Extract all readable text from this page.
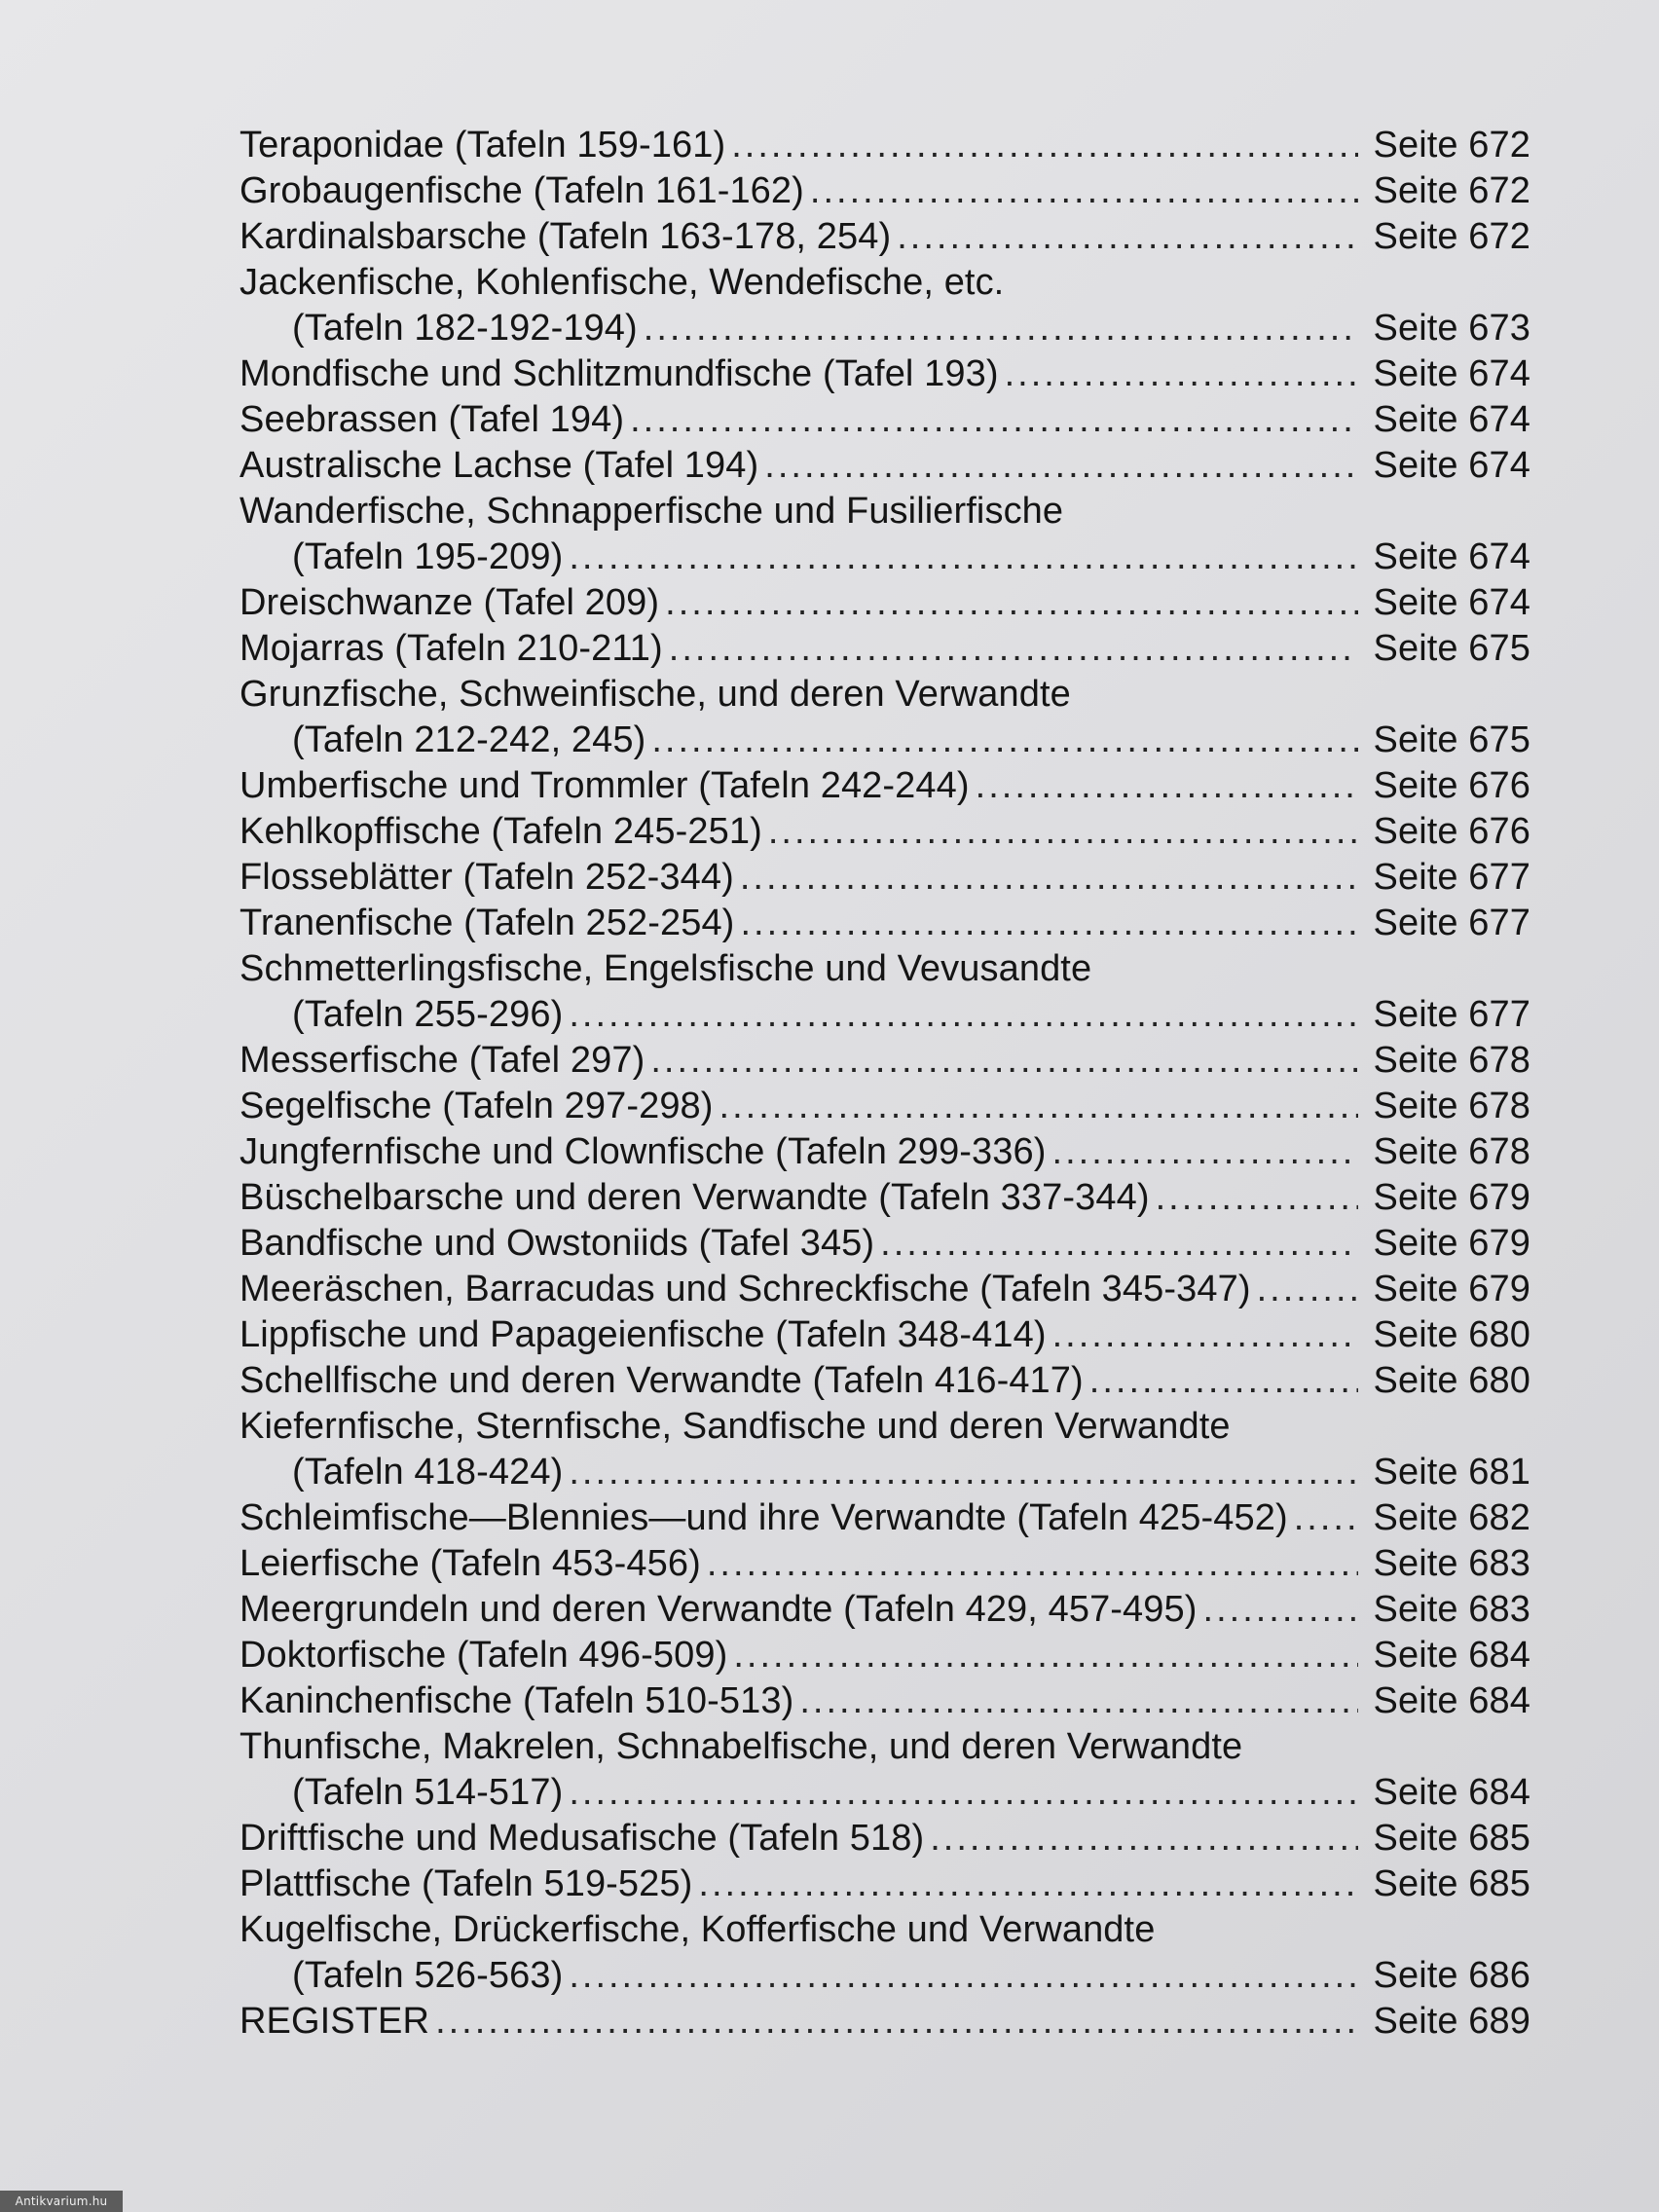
Teraponidae (Tafeln 159-161) .....	Seite 672
Grobaugenfische (Tafeln 161-162) .....	Seite 672
Kardinalsbarsche (Tafeln 163-178, 254) .....	Seite 672
Jackenfische, Kohlenfische, Wendefische, etc.
(Tafeln 182-192-194) .....	Seite 673
Mondfische und Schlitzmundfische (Tafel 193) .....	Seite 674
Seebrassen (Tafel 194) .....	Seite 674
Australische Lachse (Tafel 194) .....	Seite 674
Wanderfische, Schnapperfische und Fusilierfische
(Tafeln 195-209) .....	Seite 674
Dreischwanze (Tafel 209) .....	Seite 674
Mojarras (Tafeln 210-211) .....	Seite 675
Grunzfische, Schweinfische, und deren Verwandte
(Tafeln 212-242, 245) .....	Seite 675
Umberfische und Trommler (Tafeln 242-244) .....	Seite 676
Kehlkopffische (Tafeln 245-251) .....	Seite 676
Flosseblätter (Tafeln 252-344) .....	Seite 677
Tranenfische (Tafeln 252-254) .....	Seite 677
Schmetterlingsfische, Engelsfische und Vevusandte
(Tafeln 255-296) .....	Seite 677
Messerfische (Tafel 297) .....	Seite 678
Segelfische (Tafeln 297-298) .....	Seite 678
Jungfernfische und Clownfische (Tafeln 299-336) .....	Seite 678
Büschelbarsche und deren Verwandte (Tafeln 337-344) .....	Seite 679
Bandfische und Owstoniids (Tafel 345) .....	Seite 679
Meeräschen, Barracudas und Schreckfische (Tafeln 345-347) .....	Seite 679
Lippfische und Papageienfische (Tafeln 348-414) .....	Seite 680
Schellfische und deren Verwandte (Tafeln 416-417) .....	Seite 680
Kiefernfische, Sternfische, Sandfische und deren Verwandte
(Tafeln 418-424) .....	Seite 681
Schleimfische—Blennies—und ihre Verwandte (Tafeln 425-452) ..... Seite 682
Leierfische (Tafeln 453-456) .....	Seite 683
Meergrundeln und deren Verwandte (Tafeln 429, 457-495) .....	Seite 683
Doktorfische (Tafeln 496-509) .....	Seite 684
Kaninchenfische (Tafeln 510-513) .....	Seite 684
Thunfische, Makrelen, Schnabelfische, und deren Verwandte
(Tafeln 514-517) .....	Seite 684
Driftfische und Medusafische (Tafeln 518) .....	Seite 685
Plattfische (Tafeln 519-525) .....	Seite 685
Kugelfische, Drückerfische, Kofferfische und Verwandte
(Tafeln 526-563) .....	Seite 686
REGISTER .....	Seite 689
Antikvarium.hu
